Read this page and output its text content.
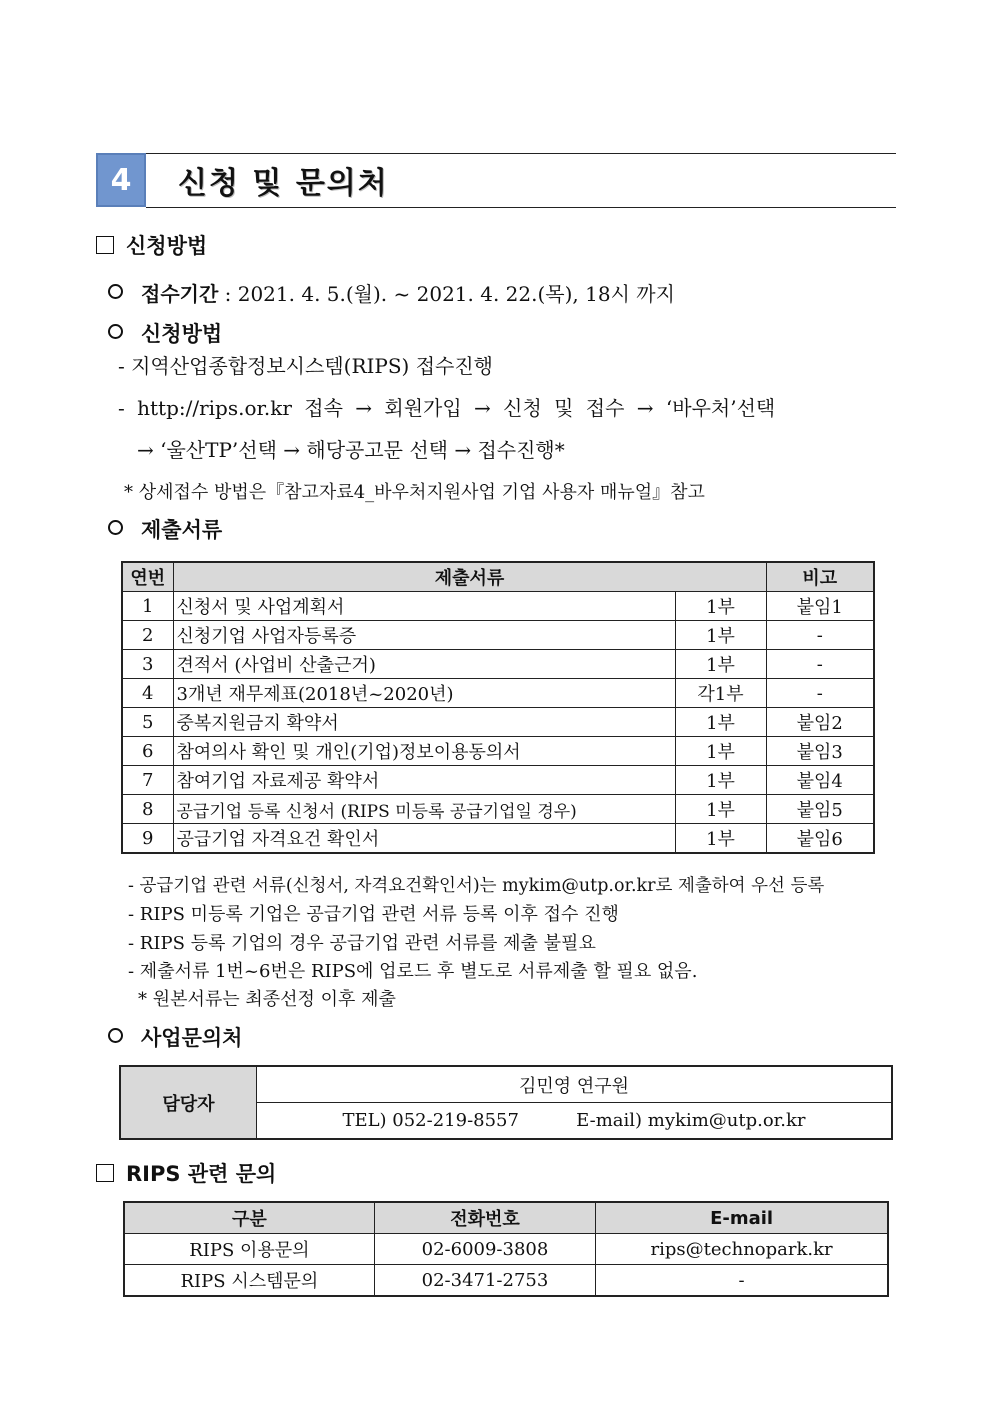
4	신청 및 문의처
신청방법
접수기간 : 2021. 4. 5.(월). ~ 2021. 4. 22.(목), 18시 까지
신청방법
- 지역산업종합정보시스템(RIPS) 접수진행
- http://rips.or.kr 접속 → 회원가입 → 신청 및 접수 → ‘바우처’선택
→ ‘울산TP’선택 → 해당공고문 선택 → 접수진행*
* 상세접수 방법은『참고자료4_바우처지원사업 기업 사용자 매뉴얼』참고
제출서류
연번	제출서류		비고
1	신청서 및 사업계획서	1부	붙임1
2	신청기업 사업자등록증	1부	-
3	견적서 (사업비 산출근거)	1부	-
4	3개년 재무제표(2018년~2020년)	각1부	-
5	중복지원금지 확약서	1부	붙임2
6	참여의사 확인 및 개인(기업)정보이용동의서	1부	붙임3
7	참여기업 자료제공 확약서	1부	붙임4
8	공급기업 등록 신청서 (RIPS 미등록 공급기업일 경우)	1부	붙임5
9	공급기업 자격요건 확인서	1부	붙임6
- 공급기업 관련 서류(신청서, 자격요건확인서)는 mykim@utp.or.kr로 제출하여 우선 등록
- RIPS 미등록 기업은 공급기업 관련 서류 등록 이후 접수 진행
- RIPS 등록 기업의 경우 공급기업 관련 서류를 제출 불필요
- 제출서류 1번~6번은 RIPS에 업로드 후 별도로 서류제출 할 필요 없음.
* 원본서류는 최종선정 이후 제출
사업문의처
담당자	김민영 연구원
TEL) 052-219-8557          E-mail) mykim@utp.or.kr
RIPS 관련 문의
구분	전화번호	E-mail
RIPS 이용문의	02-6009-3808	rips@technopark.kr
RIPS 시스템문의	02-3471-2753	-
